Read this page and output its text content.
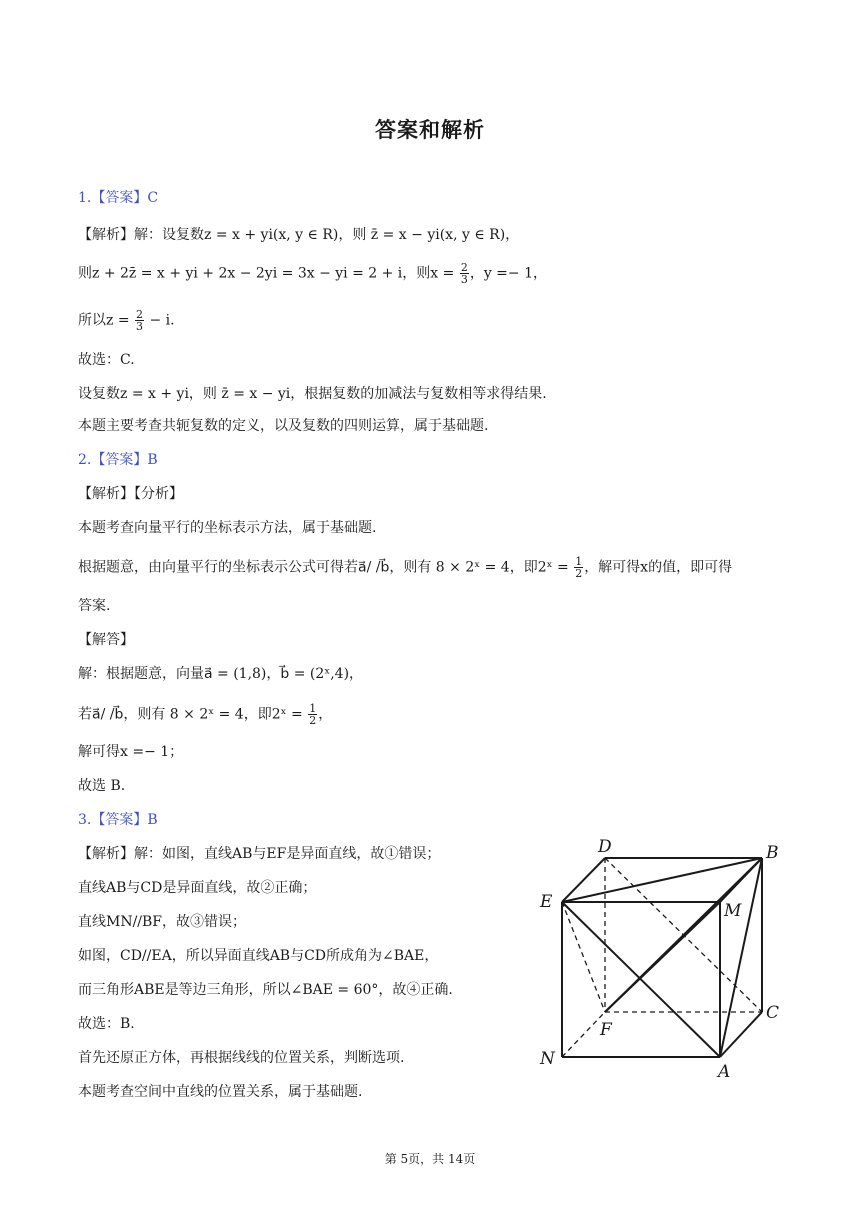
答案和解析
1.【答案】C
【解析】解：设复数z = x + yi(x, y ∈ R)，则 z̄ = x − yi(x, y ∈ R)，
则z + 2z̄ = x + yi + 2x − 2yi = 3x − yi = 2 + i，则$x = \frac{2}{3}$ ，y =− 1，
所以$z = \frac{2}{3} - i$.
故选：C.
设复数z = x + yi，则 z̄ = x − yi，根据复数的加减法与复数相等求得结果.
本题主要考查共轭复数的定义，以及复数的四则运算，属于基础题.
2.【答案】B
【解析】【分析】
本题考查向量平行的坐标表示方法，属于基础题.
根据题意，由向量平行的坐标表示公式可得若a⃗/ /b⃗，则有 8 × 2ˣ = 4，即2ˣ = $\frac{1}{2}$ ，解可得x的值，即可得
答案.
【解答】
解：根据题意，向量a⃗ = (1,8)，b⃗ = (2ˣ,4)，
若a⃗/ /b⃗，则有 8 × 2ˣ = 4，即2ˣ = $\frac{1}{2}$ ，
解可得x =− 1；
故选 B.
3.【答案】B
【解析】解：如图，直线AB与EF是异面直线，故①错误；
直线AB与CD是异面直线，故②正确；
直线MN//BF，故③错误；
如图，CD//EA，所以异面直线AB与CD所成角为∠BAE，
而三角形ABE是等边三角形，所以∠BAE = 60°，故④正确.
故选：B.
首先还原正方体，再根据线线的位置关系，判断选项.
本题考查空间中直线的位置关系，属于基础题.
D	B
E	M
C
F
N
A
第 5页，共 14页
